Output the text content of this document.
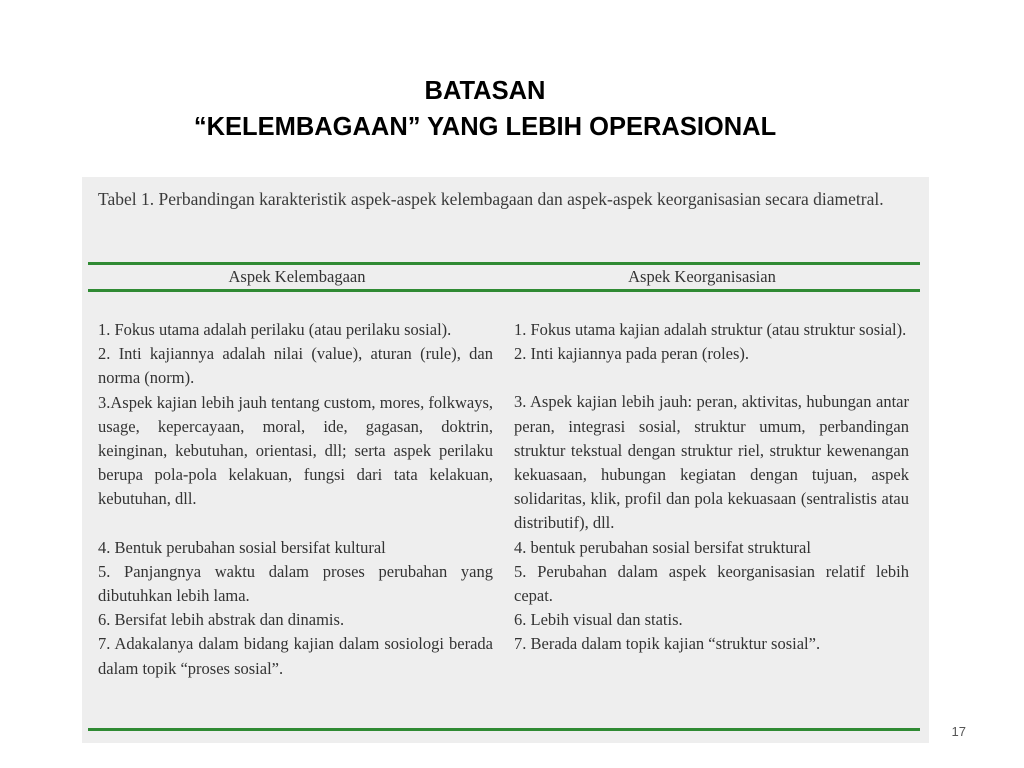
BATASAN
“KELEMBAGAAN” YANG LEBIH OPERASIONAL
Tabel 1. Perbandingan karakteristik aspek-aspek kelembagaan dan aspek-aspek keorganisasian secara diametral.
Aspek Kelembagaan	Aspek Keorganisasian
1. Fokus utama adalah perilaku (atau perilaku sosial).
2. Inti kajiannya adalah nilai (value), aturan (rule), dan norma (norm).
3.Aspek kajian lebih jauh tentang custom, mores, folkways, usage, kepercayaan, moral, ide, gagasan, doktrin, keinginan, kebutuhan, orientasi, dll; serta aspek perilaku berupa pola-pola kelakuan, fungsi dari tata kelakuan, kebutuhan, dll.
4. Bentuk perubahan sosial bersifat kultural
5. Panjangnya waktu dalam proses perubahan yang dibutuhkan lebih lama.
6. Bersifat lebih abstrak dan dinamis.
7. Adakalanya dalam bidang kajian dalam sosiologi berada dalam topik “proses sosial”.
1. Fokus utama kajian adalah struktur (atau struktur sosial).
2. Inti kajiannya pada peran (roles).
3. Aspek kajian lebih jauh: peran, aktivitas, hubungan antar peran, integrasi sosial, struktur umum, perbandingan struktur tekstual dengan struktur riel, struktur kewenangan kekuasaan, hubungan kegiatan dengan tujuan, aspek solidaritas, klik, profil dan pola kekuasaan (sentralistis atau distributif), dll.
4. bentuk perubahan sosial bersifat struktural
5. Perubahan dalam aspek keorganisasian relatif lebih cepat.
6. Lebih visual dan statis.
7. Berada dalam topik kajian “struktur sosial”.
17
